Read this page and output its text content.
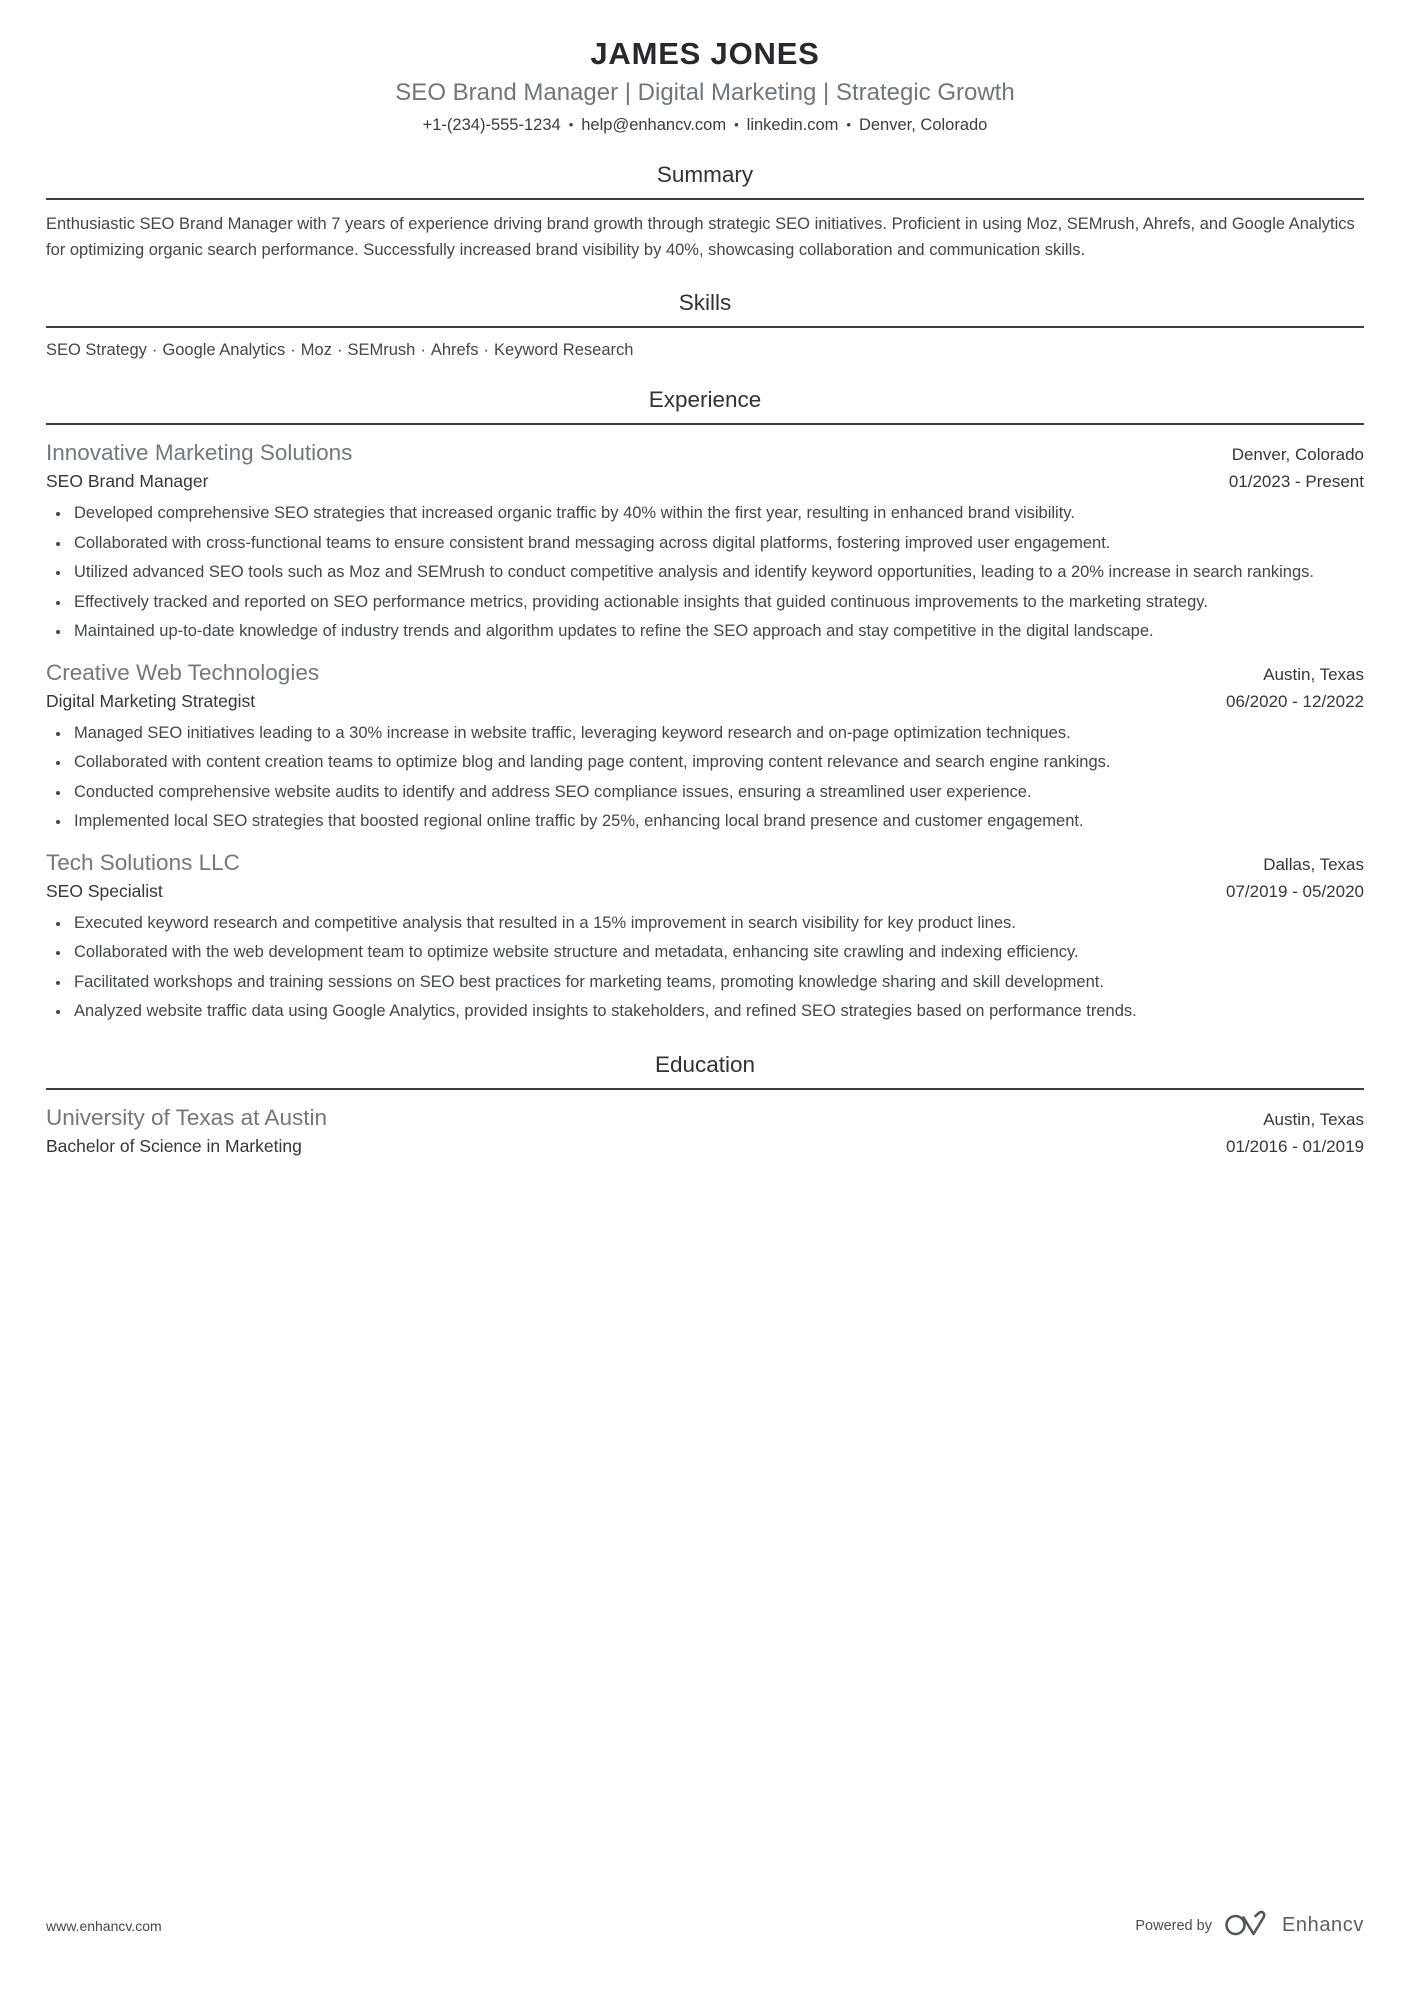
JAMES JONES
SEO Brand Manager | Digital Marketing | Strategic Growth
+1-(234)-555-1234 • help@enhancv.com • linkedin.com • Denver, Colorado
Summary
Enthusiastic SEO Brand Manager with 7 years of experience driving brand growth through strategic SEO initiatives. Proficient in using Moz, SEMrush, Ahrefs, and Google Analytics for optimizing organic search performance. Successfully increased brand visibility by 40%, showcasing collaboration and communication skills.
Skills
SEO Strategy · Google Analytics · Moz · SEMrush · Ahrefs · Keyword Research
Experience
Innovative Marketing Solutions	Denver, Colorado
SEO Brand Manager	01/2023 - Present
• Developed comprehensive SEO strategies that increased organic traffic by 40% within the first year, resulting in enhanced brand visibility.
• Collaborated with cross-functional teams to ensure consistent brand messaging across digital platforms, fostering improved user engagement.
• Utilized advanced SEO tools such as Moz and SEMrush to conduct competitive analysis and identify keyword opportunities, leading to a 20% increase in search rankings.
• Effectively tracked and reported on SEO performance metrics, providing actionable insights that guided continuous improvements to the marketing strategy.
• Maintained up-to-date knowledge of industry trends and algorithm updates to refine the SEO approach and stay competitive in the digital landscape.
Creative Web Technologies	Austin, Texas
Digital Marketing Strategist	06/2020 - 12/2022
• Managed SEO initiatives leading to a 30% increase in website traffic, leveraging keyword research and on-page optimization techniques.
• Collaborated with content creation teams to optimize blog and landing page content, improving content relevance and search engine rankings.
• Conducted comprehensive website audits to identify and address SEO compliance issues, ensuring a streamlined user experience.
• Implemented local SEO strategies that boosted regional online traffic by 25%, enhancing local brand presence and customer engagement.
Tech Solutions LLC	Dallas, Texas
SEO Specialist	07/2019 - 05/2020
• Executed keyword research and competitive analysis that resulted in a 15% improvement in search visibility for key product lines.
• Collaborated with the web development team to optimize website structure and metadata, enhancing site crawling and indexing efficiency.
• Facilitated workshops and training sessions on SEO best practices for marketing teams, promoting knowledge sharing and skill development.
• Analyzed website traffic data using Google Analytics, provided insights to stakeholders, and refined SEO strategies based on performance trends.
Education
University of Texas at Austin	Austin, Texas
Bachelor of Science in Marketing	01/2016 - 01/2019
www.enhancv.com	Powered by	Enhancv
